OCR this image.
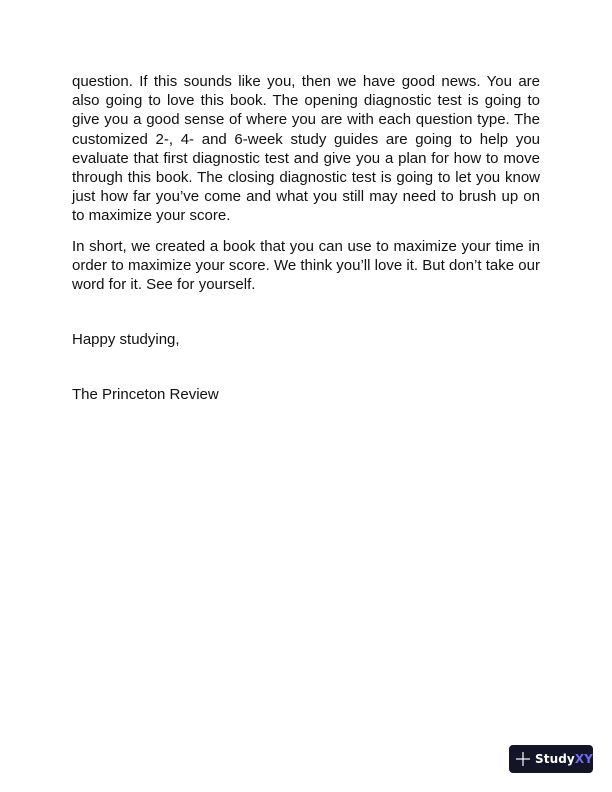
question. If this sounds like you, then we have good news. You are also going to love this book. The opening diagnostic test is going to give you a good sense of where you are with each question type. The customized 2-, 4- and 6-week study guides are going to help you evaluate that first diagnostic test and give you a plan for how to move through this book. The closing diagnostic test is going to let you know just how far you’ve come and what you still may need to brush up on to maximize your score.

In short, we created a book that you can use to maximize your time in order to maximize your score. We think you’ll love it. But don’t take our word for it. See for yourself.

Happy studying,

The Princeton Review

StudyXY
